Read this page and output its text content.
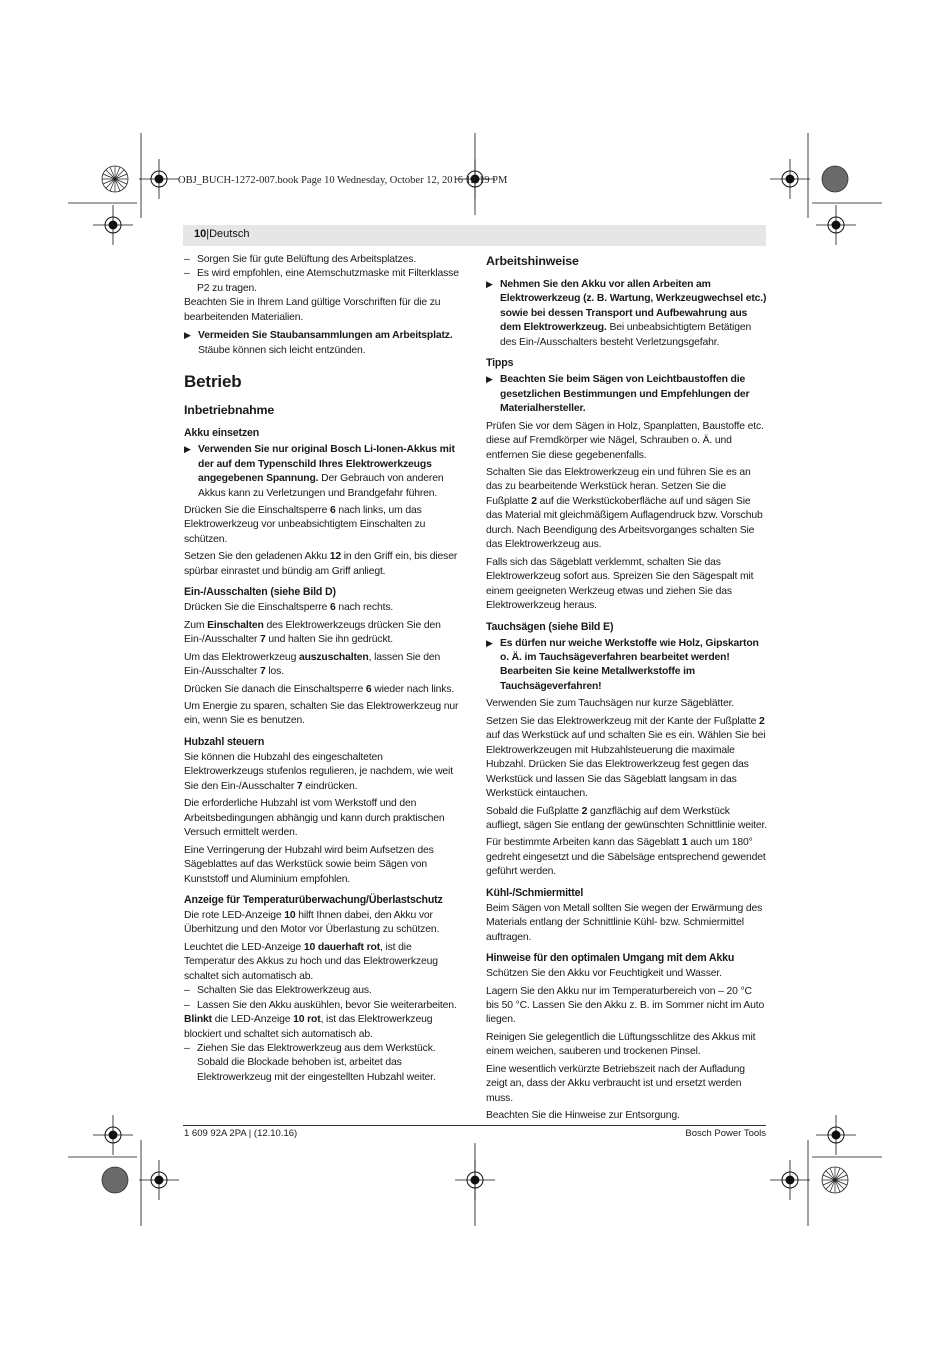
OBJ_BUCH-1272-007.book Page 10 Wednesday, October 12, 2016 12:19 PM
10|Deutsch

– Sorgen Sie für gute Belüftung des Arbeitsplatzes.

– Es wird empfohlen, eine Atemschutzmaske mit Filterklasse P2 zu tragen.

Beachten Sie in Ihrem Land gültige Vorschriften für die zu bearbeitenden Materialien.

▶ Vermeiden Sie Staubansammlungen am Arbeitsplatz. Stäube können sich leicht entzünden.

Betrieb
Inbetriebnahme
Akku einsetzen

▶ Verwenden Sie nur original Bosch Li-Ionen-Akkus mit der auf dem Typenschild Ihres Elektrowerkzeugs angegebenen Spannung. Der Gebrauch von anderen Akkus kann zu Verletzungen und Brandgefahr führen.

Drücken Sie die Einschaltsperre 6 nach links, um das Elektrowerkzeug vor unbeabsichtigtem Einschalten zu schützen.

Setzen Sie den geladenen Akku 12 in den Griff ein, bis dieser spürbar einrastet und bündig am Griff anliegt.

Ein-/Ausschalten (siehe Bild D)

Drücken Sie die Einschaltsperre 6 nach rechts.

Zum Einschalten des Elektrowerkzeugs drücken Sie den Ein-/Ausschalter 7 und halten Sie ihn gedrückt.

Um das Elektrowerkzeug auszuschalten, lassen Sie den Ein-/Ausschalter 7 los.

Drücken Sie danach die Einschaltsperre 6 wieder nach links.

Um Energie zu sparen, schalten Sie das Elektrowerkzeug nur ein, wenn Sie es benutzen.

Hubzahl steuern

Sie können die Hubzahl des eingeschalteten Elektrowerkzeugs stufenlos regulieren, je nachdem, wie weit Sie den Ein-/Ausschalter 7 eindrücken.

Die erforderliche Hubzahl ist vom Werkstoff und den Arbeitsbedingungen abhängig und kann durch praktischen Versuch ermittelt werden.

Eine Verringerung der Hubzahl wird beim Aufsetzen des Sägeblattes auf das Werkstück sowie beim Sägen von Kunststoff und Aluminium empfohlen.

Anzeige für Temperaturüberwachung/Überlastschutz

Die rote LED-Anzeige 10 hilft Ihnen dabei, den Akku vor Überhitzung und den Motor vor Überlastung zu schützen.

Leuchtet die LED-Anzeige 10 dauerhaft rot, ist die Temperatur des Akkus zu hoch und das Elektrowerkzeug schaltet sich automatisch ab.

– Schalten Sie das Elektrowerkzeug aus.

– Lassen Sie den Akku auskühlen, bevor Sie weiterarbeiten.

Blinkt die LED-Anzeige 10 rot, ist das Elektrowerkzeug blockiert und schaltet sich automatisch ab.

– Ziehen Sie das Elektrowerkzeug aus dem Werkstück. Sobald die Blockade behoben ist, arbeitet das Elektrowerkzeug mit der eingestellten Hubzahl weiter.

Arbeitshinweise

▶ Nehmen Sie den Akku vor allen Arbeiten am Elektrowerkzeug (z. B. Wartung, Werkzeugwechsel etc.) sowie bei dessen Transport und Aufbewahrung aus dem Elektrowerkzeug. Bei unbeabsichtigtem Betätigen des Ein-/Ausschalters besteht Verletzungsgefahr.

Tipps

▶ Beachten Sie beim Sägen von Leichtbaustoffen die gesetzlichen Bestimmungen und Empfehlungen der Materialhersteller.

Prüfen Sie vor dem Sägen in Holz, Spanplatten, Baustoffe etc. diese auf Fremdkörper wie Nägel, Schrauben o. Ä. und entfernen Sie diese gegebenenfalls.

Schalten Sie das Elektrowerkzeug ein und führen Sie es an das zu bearbeitende Werkstück heran. Setzen Sie die Fußplatte 2 auf die Werkstückoberfläche auf und sägen Sie das Material mit gleichmäßigem Auflagendruck bzw. Vorschub durch. Nach Beendigung des Arbeitsvorganges schalten Sie das Elektrowerkzeug aus.

Falls sich das Sägeblatt verklemmt, schalten Sie das Elektrowerkzeug sofort aus. Spreizen Sie den Sägespalt mit einem geeigneten Werkzeug etwas und ziehen Sie das Elektrowerkzeug heraus.

Tauchsägen (siehe Bild E)

▶ Es dürfen nur weiche Werkstoffe wie Holz, Gipskarton o. Ä. im Tauchsägeverfahren bearbeitet werden! Bearbeiten Sie keine Metallwerkstoffe im Tauchsägeverfahren!

Verwenden Sie zum Tauchsägen nur kurze Sägeblätter.

Setzen Sie das Elektrowerkzeug mit der Kante der Fußplatte 2 auf das Werkstück auf und schalten Sie es ein. Wählen Sie bei Elektrowerkzeugen mit Hubzahlsteuerung die maximale Hubzahl. Drücken Sie das Elektrowerkzeug fest gegen das Werkstück und lassen Sie das Sägeblatt langsam in das Werkstück eintauchen.

Sobald die Fußplatte 2 ganzflächig auf dem Werkstück aufliegt, sägen Sie entlang der gewünschten Schnittlinie weiter.

Für bestimmte Arbeiten kann das Sägeblatt 1 auch um 180° gedreht eingesetzt und die Säbelsäge entsprechend gewendet geführt werden.

Kühl-/Schmiermittel

Beim Sägen von Metall sollten Sie wegen der Erwärmung des Materials entlang der Schnittlinie Kühl- bzw. Schmiermittel auftragen.

Hinweise für den optimalen Umgang mit dem Akku

Schützen Sie den Akku vor Feuchtigkeit und Wasser.

Lagern Sie den Akku nur im Temperaturbereich von – 20 °C bis 50 °C. Lassen Sie den Akku z. B. im Sommer nicht im Auto liegen.

Reinigen Sie gelegentlich die Lüftungsschlitze des Akkus mit einem weichen, sauberen und trockenen Pinsel.

Eine wesentlich verkürzte Betriebszeit nach der Aufladung zeigt an, dass der Akku verbraucht ist und ersetzt werden muss.

Beachten Sie die Hinweise zur Entsorgung.

1 609 92A 2PA | (12.10.16)	Bosch Power Tools
